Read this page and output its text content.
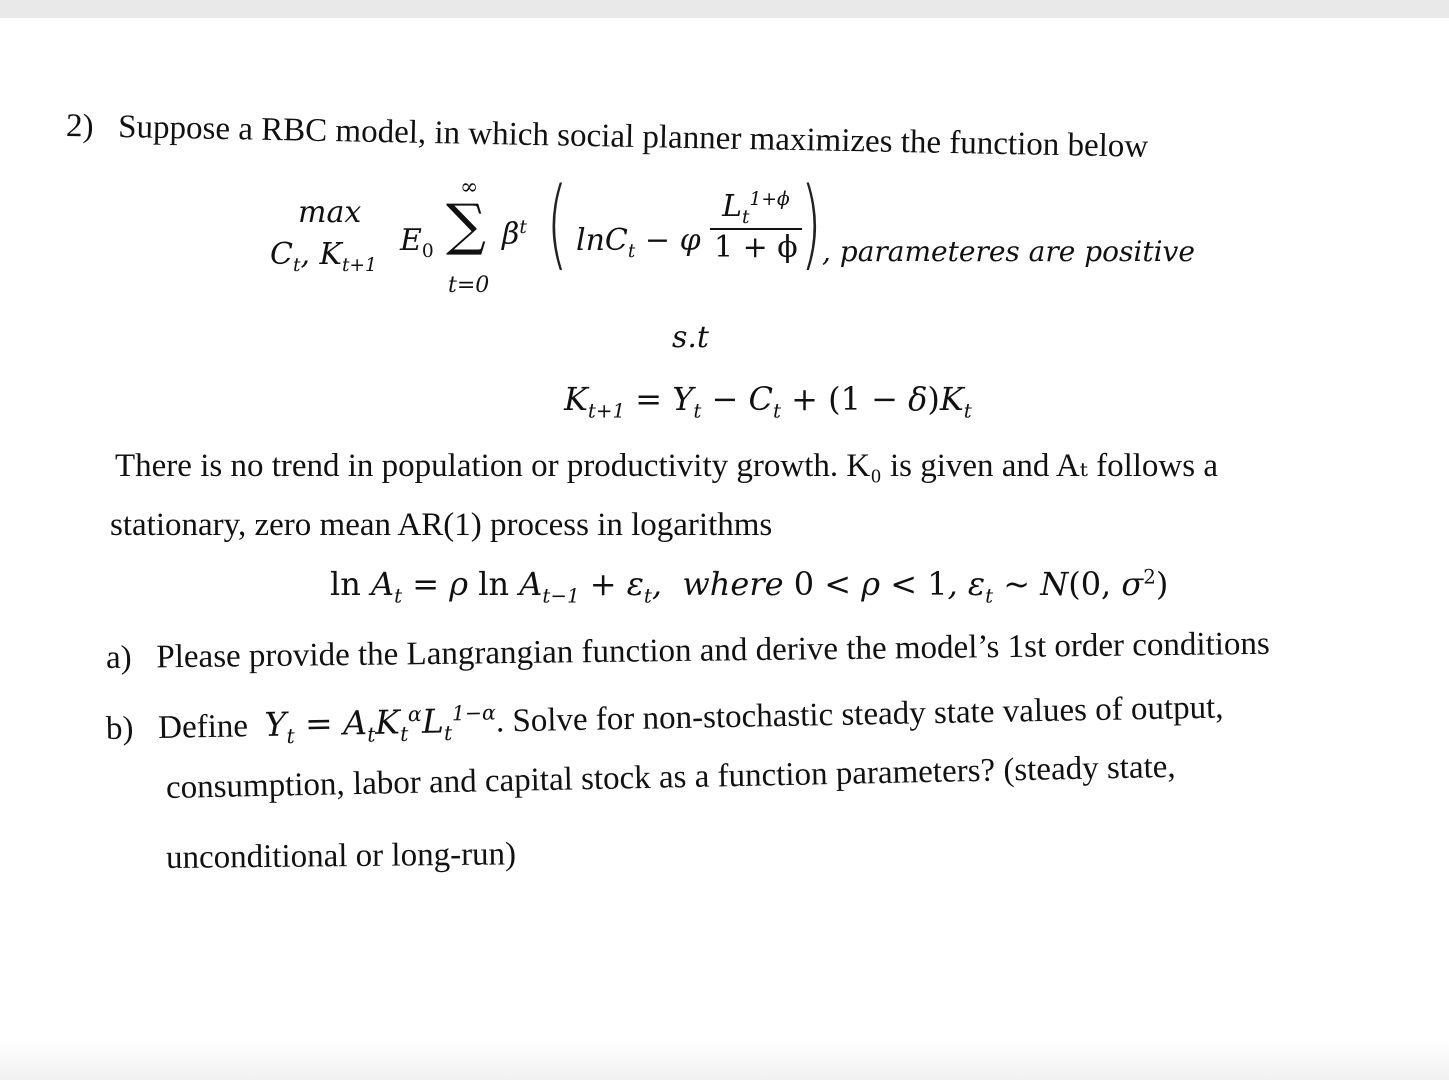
2) Suppose a RBC model, in which social planner maximizes the function below
max
$C_t$, $K_{t+1}$
$E_0$
∞
∑
t=0
$\beta^t$ ( lnC$_t$ − φ $\frac{L_t^{1+\phi}}{1 + \phi}$
) , parameteres are positive
s.t
$K_{t+1} = Y_t - C_t + (1 - \delta)K_t$
There is no trend in population or productivity growth. K₀ is given and Aₜ follows a
stationary, zero mean AR(1) process in logarithms
$\ln A_t = \rho$ $\ln A_{t-1} + \varepsilon_t$,  where 0 < ρ < 1, $\varepsilon_t$ ~ N(0, $\sigma^2$)
a) Please provide the Langrangian function and derive the model’s 1st order conditions
b) Define $Y_t = A_tK_t^\alpha L_t^{1-\alpha}$. Solve for non-stochastic steady state values of output,
consumption, labor and capital stock as a function parameters? (steady state,
unconditional or long-run)
